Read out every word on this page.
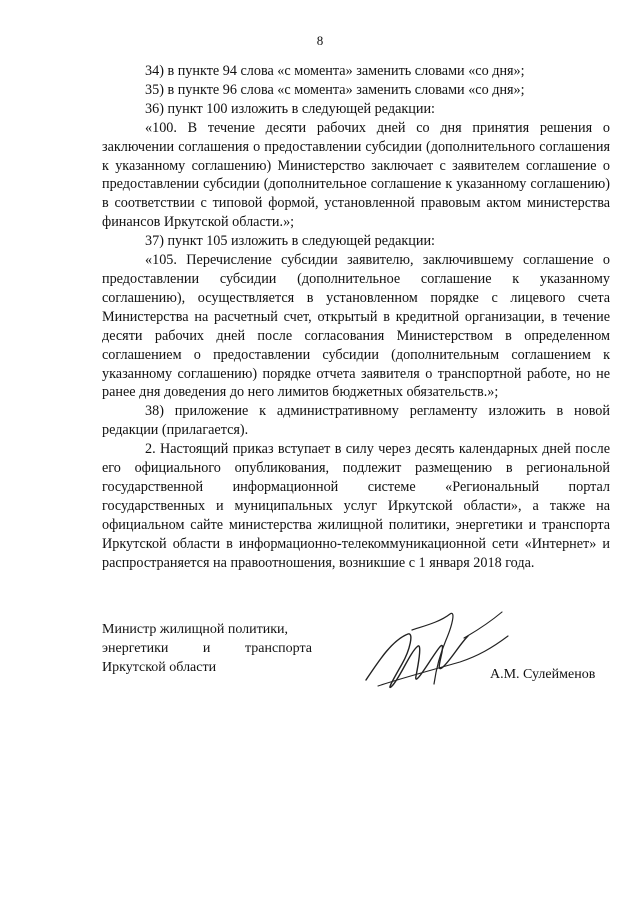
8

34) в пункте 94 слова «с момента» заменить словами «со дня»;

35) в пункте 96 слова «с момента» заменить словами «со дня»;

36) пункт 100 изложить в следующей редакции:

«100. В течение десяти рабочих дней со дня принятия решения о заключении соглашения о предоставлении субсидии (дополнительного соглашения к указанному соглашению) Министерство заключает с заявителем соглашение о предоставлении субсидии (дополнительное соглашение к указанному соглашению) в соответствии с типовой формой, установленной правовым актом министерства финансов Иркутской области.»;

37) пункт 105 изложить в следующей редакции:

«105. Перечисление субсидии заявителю, заключившему соглашение о предоставлении субсидии (дополнительное соглашение к указанному соглашению), осуществляется в установленном порядке с лицевого счета Министерства на расчетный счет, открытый в кредитной организации, в течение десяти рабочих дней после согласования Министерством в определенном соглашением о предоставлении субсидии (дополнительным соглашением к указанному соглашению) порядке отчета заявителя о транспортной работе, но не ранее дня доведения до него лимитов бюджетных обязательств.»;

38) приложение к административному регламенту изложить в новой редакции (прилагается).

2. Настоящий приказ вступает в силу через десять календарных дней после его официального опубликования, подлежит размещению в региональной государственной информационной системе «Региональный портал государственных и муниципальных услуг Иркутской области», а также на официальном сайте министерства жилищной политики, энергетики и транспорта Иркутской области в информационно-телекоммуникационной сети «Интернет» и распространяется на правоотношения, возникшие с 1 января 2018 года.

Министр жилищной политики,
энергетики и транспорта
Иркутской области	А.М. Сулейменов
